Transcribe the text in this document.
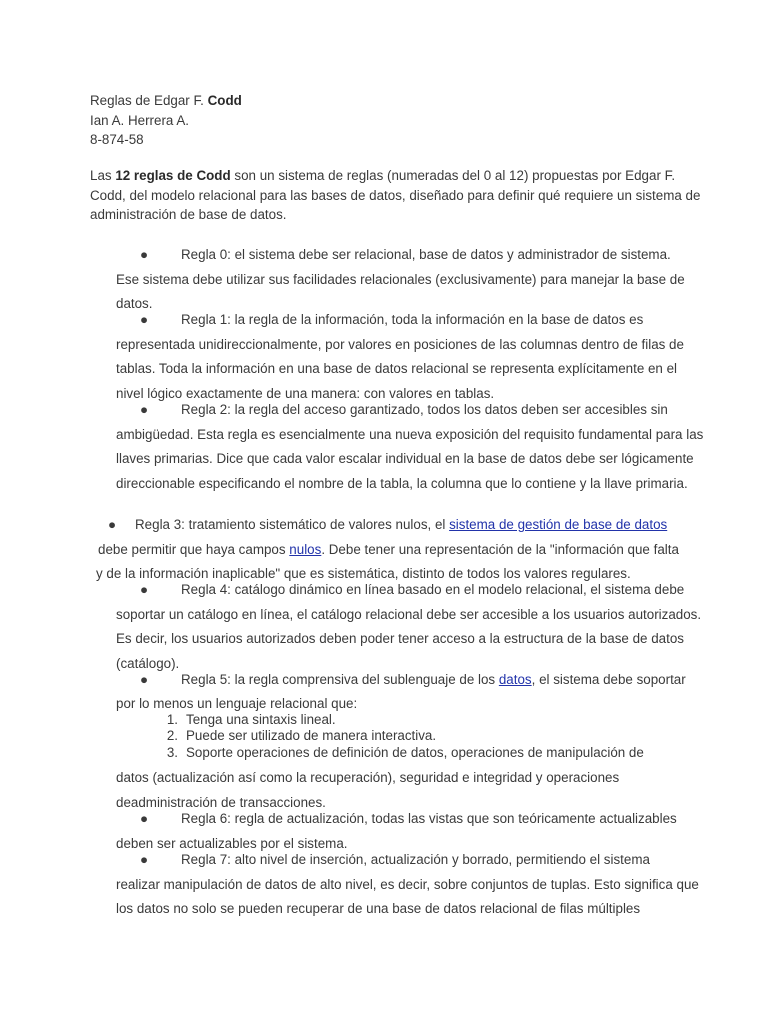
Reglas de Edgar F. Codd
Ian A. Herrera A.
8-874-58
Las 12 reglas de Codd son un sistema de reglas (numeradas del 0 al 12) propuestas por Edgar F. Codd, del modelo relacional para las bases de datos, diseñado para definir qué requiere un sistema de administración de base de datos.
● Regla 0: el sistema debe ser relacional, base de datos y administrador de sistema.
Ese sistema debe utilizar sus facilidades relacionales (exclusivamente) para manejar la base de datos.
● Regla 1: la regla de la información, toda la información en la base de datos es
representada unidireccionalmente, por valores en posiciones de las columnas dentro de filas de tablas. Toda la información en una base de datos relacional se representa explícitamente en el nivel lógico exactamente de una manera: con valores en tablas.
● Regla 2: la regla del acceso garantizado, todos los datos deben ser accesibles sin
ambigüedad. Esta regla es esencialmente una nueva exposición del requisito fundamental para las llaves primarias. Dice que cada valor escalar individual en la base de datos debe ser lógicamente direccionable especificando el nombre de la tabla, la columna que lo contiene y la llave primaria.
● Regla 3: tratamiento sistemático de valores nulos, el sistema de gestión de base de datos
debe permitir que haya campos nulos. Debe tener una representación de la "información que falta
y de la información inaplicable" que es sistemática, distinto de todos los valores regulares.
● Regla 4: catálogo dinámico en línea basado en el modelo relacional, el sistema debe
soportar un catálogo en línea, el catálogo relacional debe ser accesible a los usuarios autorizados. Es decir, los usuarios autorizados deben poder tener acceso a la estructura de la base de datos (catálogo).
● Regla 5: la regla comprensiva del sublenguaje de los datos, el sistema debe soportar
por lo menos un lenguaje relacional que:
1. Tenga una sintaxis lineal.
2. Puede ser utilizado de manera interactiva.
3. Soporte operaciones de definición de datos, operaciones de manipulación de
datos (actualización así como la recuperación), seguridad e integridad y operaciones deadministración de transacciones.
● Regla 6: regla de actualización, todas las vistas que son teóricamente actualizables
deben ser actualizables por el sistema.
● Regla 7: alto nivel de inserción, actualización y borrado, permitiendo el sistema
realizar manipulación de datos de alto nivel, es decir, sobre conjuntos de tuplas. Esto significa que los datos no solo se pueden recuperar de una base de datos relacional de filas múltiples
